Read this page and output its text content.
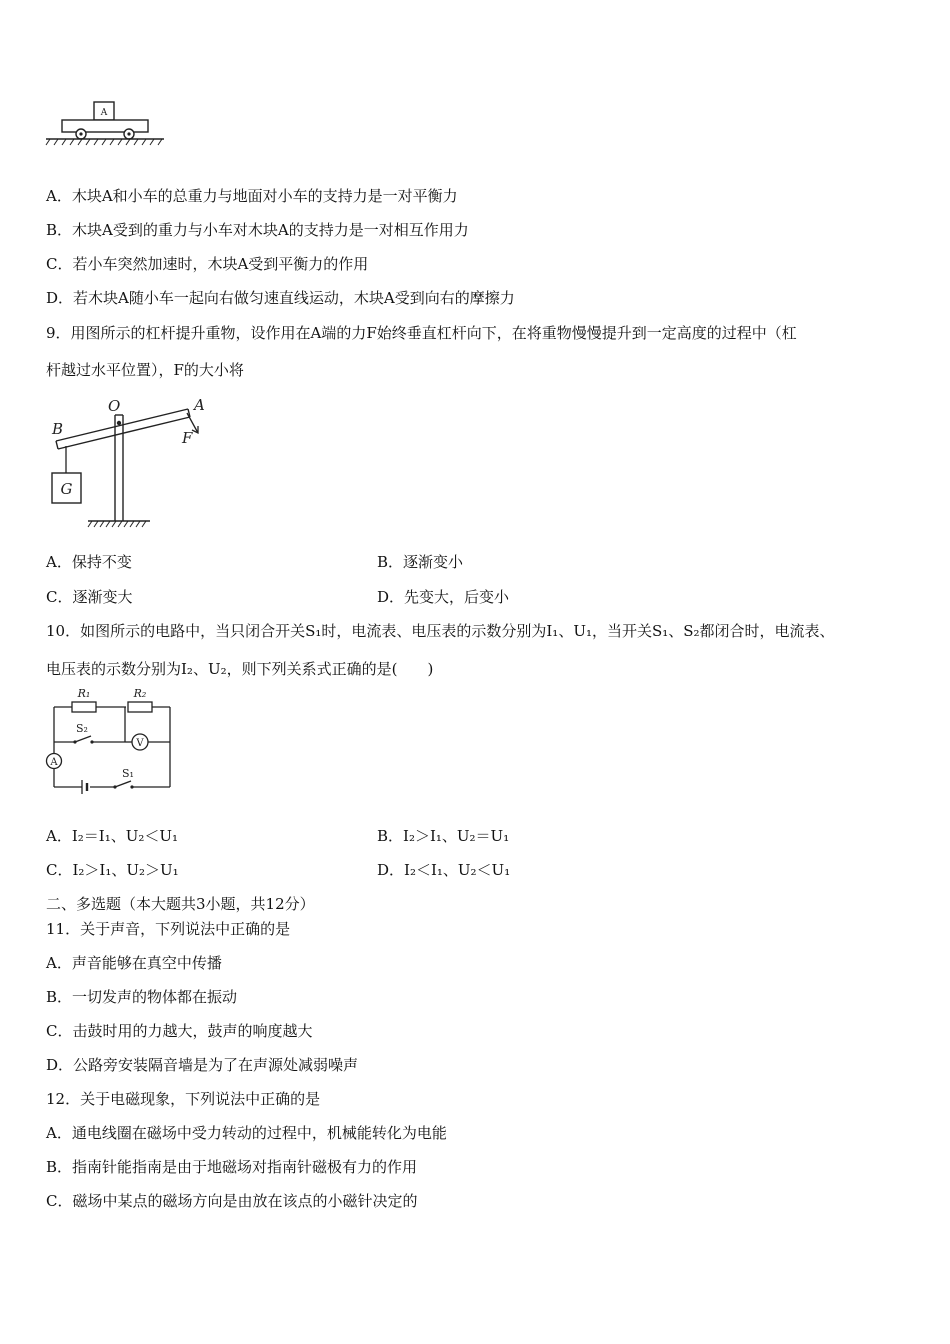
A
A．木块A和小车的总重力与地面对小车的支持力是一对平衡力
B．木块A受到的重力与小车对木块A的支持力是一对相互作用力
C．若小车突然加速时，木块A受到平衡力的作用
D．若木块A随小车一起向右做匀速直线运动，木块A受到向右的摩擦力
9．用图所示的杠杆提升重物，设作用在A端的力F始终垂直杠杆向下，在将重物慢慢提升到一定高度的过程中（杠
杆越过水平位置），F的大小将
G
O	A
B	F
A．保持不变	B．逐渐变小
C．逐渐变大	D．先变大，后变小
10．如图所示的电路中，当只闭合开关S₁时，电流表、电压表的示数分别为I₁、U₁，当开关S₁、S₂都闭合时，电流表、
电压表的示数分别为I₂、U₂，则下列关系式正确的是(　　)
R₁	R₂
S₂
V
A
S₁
A．I₂＝I₁、U₂＜U₁	B．I₂＞I₁、U₂＝U₁
C．I₂＞I₁、U₂＞U₁	D．I₂＜I₁、U₂＜U₁
二、多选题（本大题共3小题，共12分）
11．关于声音，下列说法中正确的是
A．声音能够在真空中传播
B．一切发声的物体都在振动
C．击鼓时用的力越大，鼓声的响度越大
D．公路旁安装隔音墙是为了在声源处减弱噪声
12．关于电磁现象，下列说法中正确的是
A．通电线圈在磁场中受力转动的过程中，机械能转化为电能
B．指南针能指南是由于地磁场对指南针磁极有力的作用
C．磁场中某点的磁场方向是由放在该点的小磁针决定的
